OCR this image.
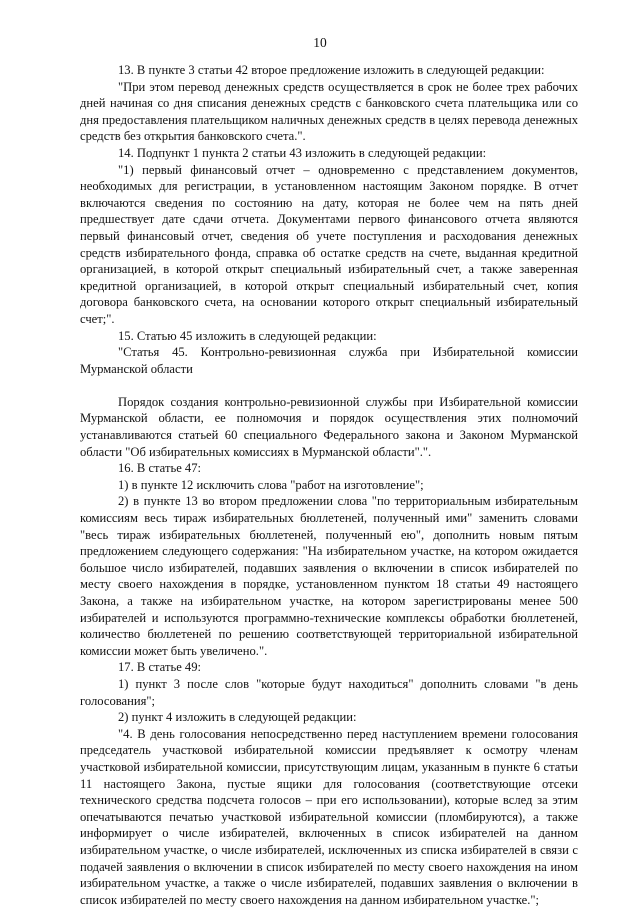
10

13. В пункте 3 статьи 42 второе предложение изложить в следующей редакции:

"При этом перевод денежных средств осуществляется в срок не более трех рабочих дней начиная со дня списания денежных средств с банковского счета плательщика или со дня предоставления плательщиком наличных денежных средств в целях перевода денежных средств без открытия банковского счета.".

14. Подпункт 1 пункта 2 статьи 43 изложить в следующей редакции:

"1) первый финансовый отчет – одновременно с представлением документов, необходимых для регистрации, в установленном настоящим Законом порядке. В отчет включаются сведения по состоянию на дату, которая не более чем на пять дней предшествует дате сдачи отчета. Документами первого финансового отчета являются первый финансовый отчет, сведения об учете поступления и расходования денежных средств избирательного фонда, справка об остатке средств на счете, выданная кредитной организацией, в которой открыт специальный избирательный счет, а также заверенная кредитной организацией, в которой открыт специальный избирательный счет, копия договора банковского счета, на основании которого открыт специальный избирательный счет;".

15. Статью 45 изложить в следующей редакции:

"Статья 45. Контрольно-ревизионная служба при Избирательной комиссии Мурманской области

Порядок создания контрольно-ревизионной службы при Избирательной комиссии Мурманской области, ее полномочия и порядок осуществления этих полномочий устанавливаются статьей 60 специального Федерального закона и Законом Мурманской области "Об избирательных комиссиях в Мурманской области".".

16. В статье 47:

1) в пункте 12 исключить слова "работ на изготовление";

2) в пункте 13 во втором предложении слова "по территориальным избирательным комиссиям весь тираж избирательных бюллетеней, полученный ими" заменить словами "весь тираж избирательных бюллетеней, полученный ею", дополнить новым пятым предложением следующего содержания: "На избирательном участке, на котором ожидается большое число избирателей, подавших заявления о включении в список избирателей по месту своего нахождения в порядке, установленном пунктом 18 статьи 49 настоящего Закона, а также на избирательном участке, на котором зарегистрированы менее 500 избирателей и используются программно-технические комплексы обработки бюллетеней, количество бюллетеней по решению соответствующей территориальной избирательной комиссии может быть увеличено.".

17. В статье 49:

1) пункт 3 после слов "которые будут находиться" дополнить словами "в день голосования";

2) пункт 4 изложить в следующей редакции:

"4. В день голосования непосредственно перед наступлением времени голосования председатель участковой избирательной комиссии предъявляет к осмотру членам участковой избирательной комиссии, присутствующим лицам, указанным в пункте 6 статьи 11 настоящего Закона, пустые ящики для голосования (соответствующие отсеки технического средства подсчета голосов – при его использовании), которые вслед за этим опечатываются печатью участковой избирательной комиссии (пломбируются), а также информирует о числе избирателей, включенных в список избирателей на данном избирательном участке, о числе избирателей, исключенных из списка избирателей в связи с подачей заявления о включении в список избирателей по месту своего нахождения на ином избирательном участке, а также о числе избирателей, подавших заявления о включении в список избирателей по месту своего нахождения на данном избирательном участке.";
